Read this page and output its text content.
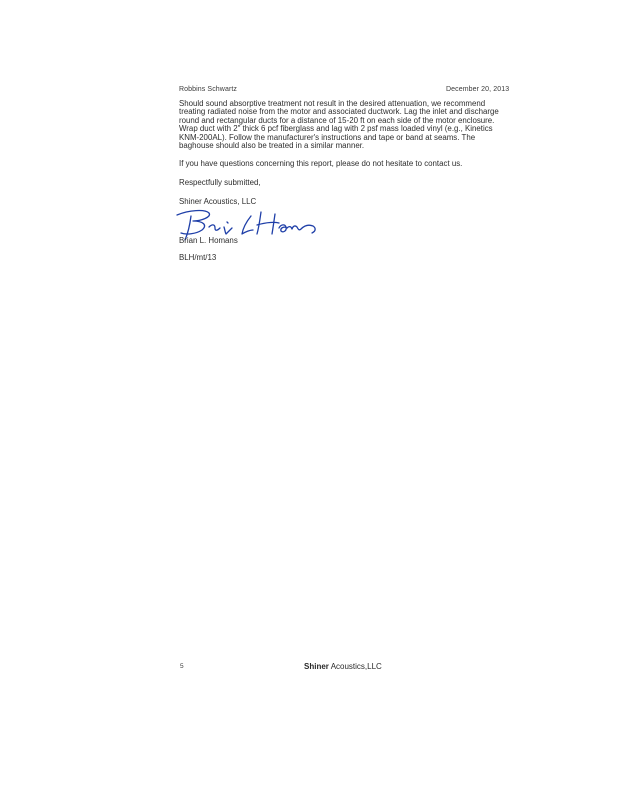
Robbins Schwartz	December 20, 2013

Should sound absorptive treatment not result in the desired attenuation, we recommend
treating radiated noise from the motor and associated ductwork. Lag the inlet and discharge
round and rectangular ducts for a distance of 15-20 ft on each side of the motor enclosure.
Wrap duct with 2" thick 6 pcf fiberglass and lag with 2 psf mass loaded vinyl (e.g., Kinetics
KNM-200AL). Follow the manufacturer's instructions and tape or band at seams. The
baghouse should also be treated in a similar manner.

If you have questions concerning this report, please do not hesitate to contact us.

Respectfully submitted,

Shiner Acoustics, LLC

Brian L. Homans
BLH/mt/13
5	Shiner Acoustics,LLC
